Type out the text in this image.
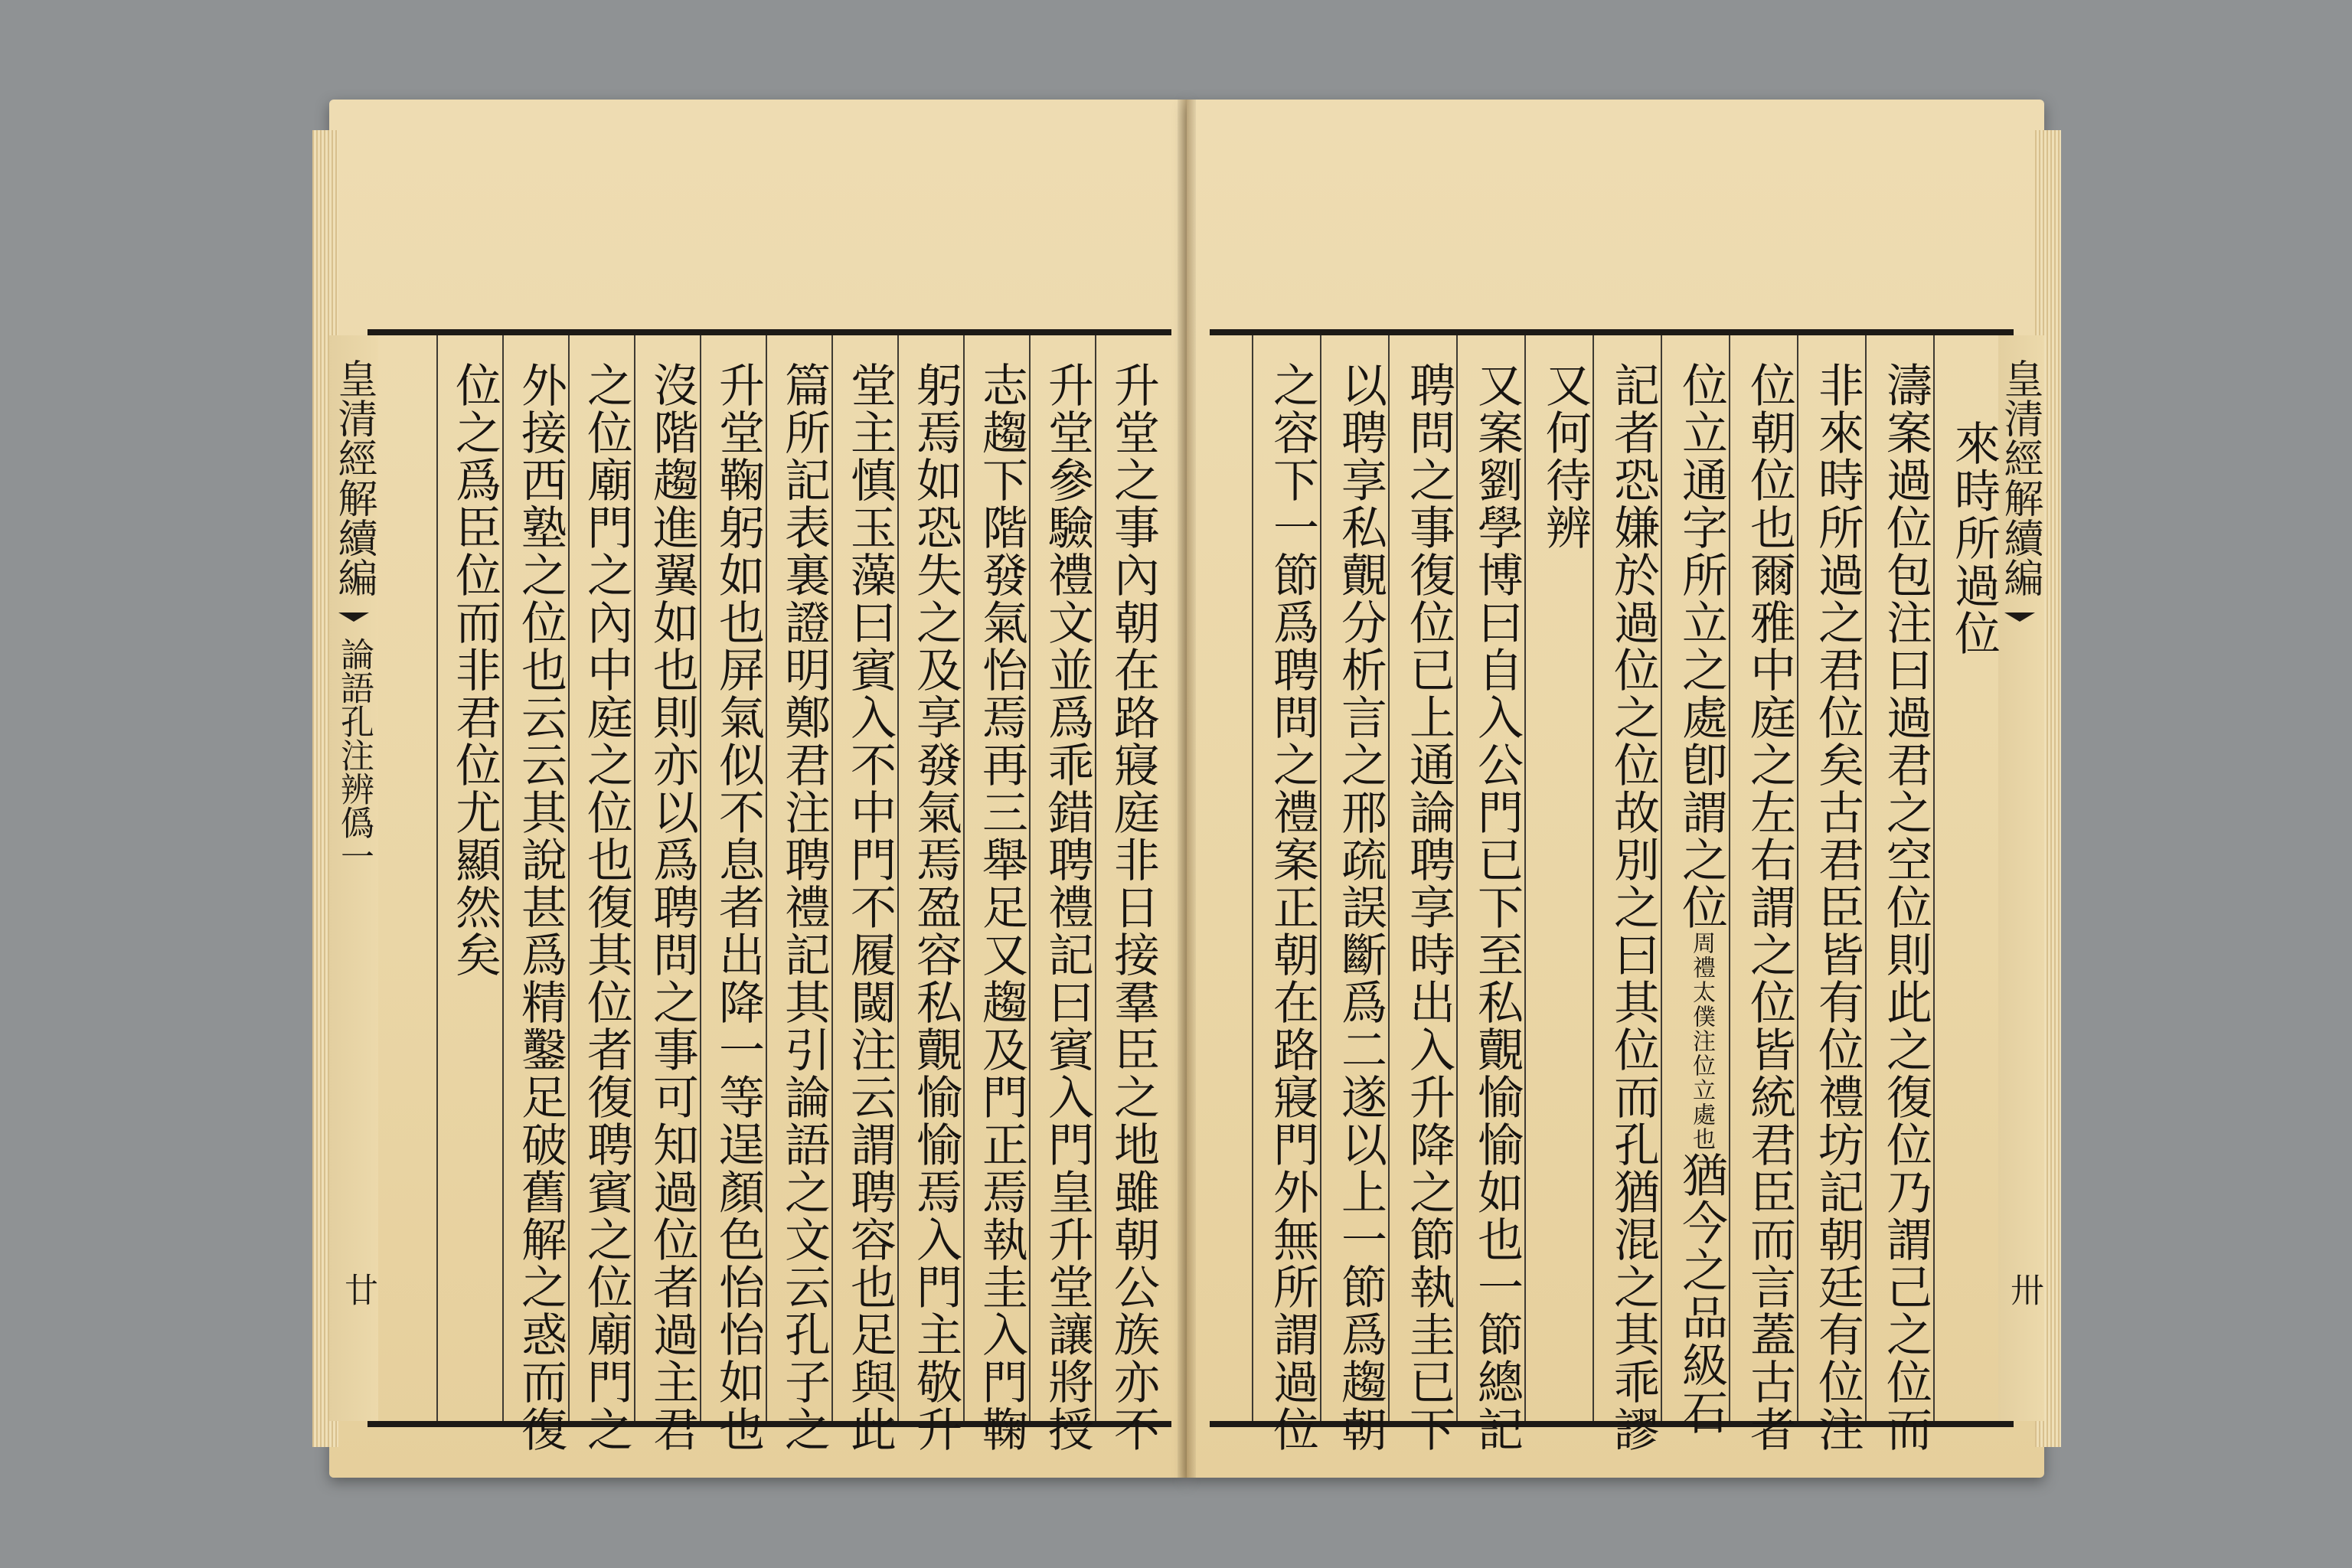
皇清經解續編  論語孔注辨僞一
廿	升堂之事內朝在路寢庭非日接羣臣之地雖朝公族亦不
升堂參驗禮文並爲乖錯聘禮記曰賓入門皇升堂讓將授
志趨下階發氣怡焉再三舉足又趨及門正焉執圭入門鞠
躬焉如恐失之及享發氣焉盈容私覿愉愉焉入門主敬升
堂主慎玉藻曰賓入不中門不履閾注云謂聘容也足與此
篇所記表裏證明鄭君注聘禮記其引論語之文云孔子之
升堂鞠躬如也屏氣似不息者出降一等逞顏色怡怡如也
沒階趨進翼如也則亦以爲聘問之事可知過位者過主君
之位廟門之內中庭之位也復其位者復聘賓之位廟門之
外接西塾之位也云云其說甚爲精鑿足破舊解之惑而復
位之爲臣位而非君位尤顯然矣	皇清經解續編
卅
來時所過位
濤案過位包注曰過君之空位則此之復位乃謂己之位而
非來時所過之君位矣古君臣皆有位禮坊記朝廷有位注
位朝位也爾雅中庭之左右謂之位皆統君臣而言蓋古者
位立通字所立之處卽謂之位周禮太僕注位立處也猶今之品級石
記者恐嫌於過位之位故別之曰其位而孔猶混之其乖謬
又何待辨
又案劉學博曰自入公門已下至私覿愉愉如也一節總記
聘問之事復位已上通論聘享時出入升降之節執圭已下
以聘享私覿分析言之邢疏誤斷爲二遂以上一節爲趨朝
之容下一節爲聘問之禮案正朝在路寢門外無所謂過位
